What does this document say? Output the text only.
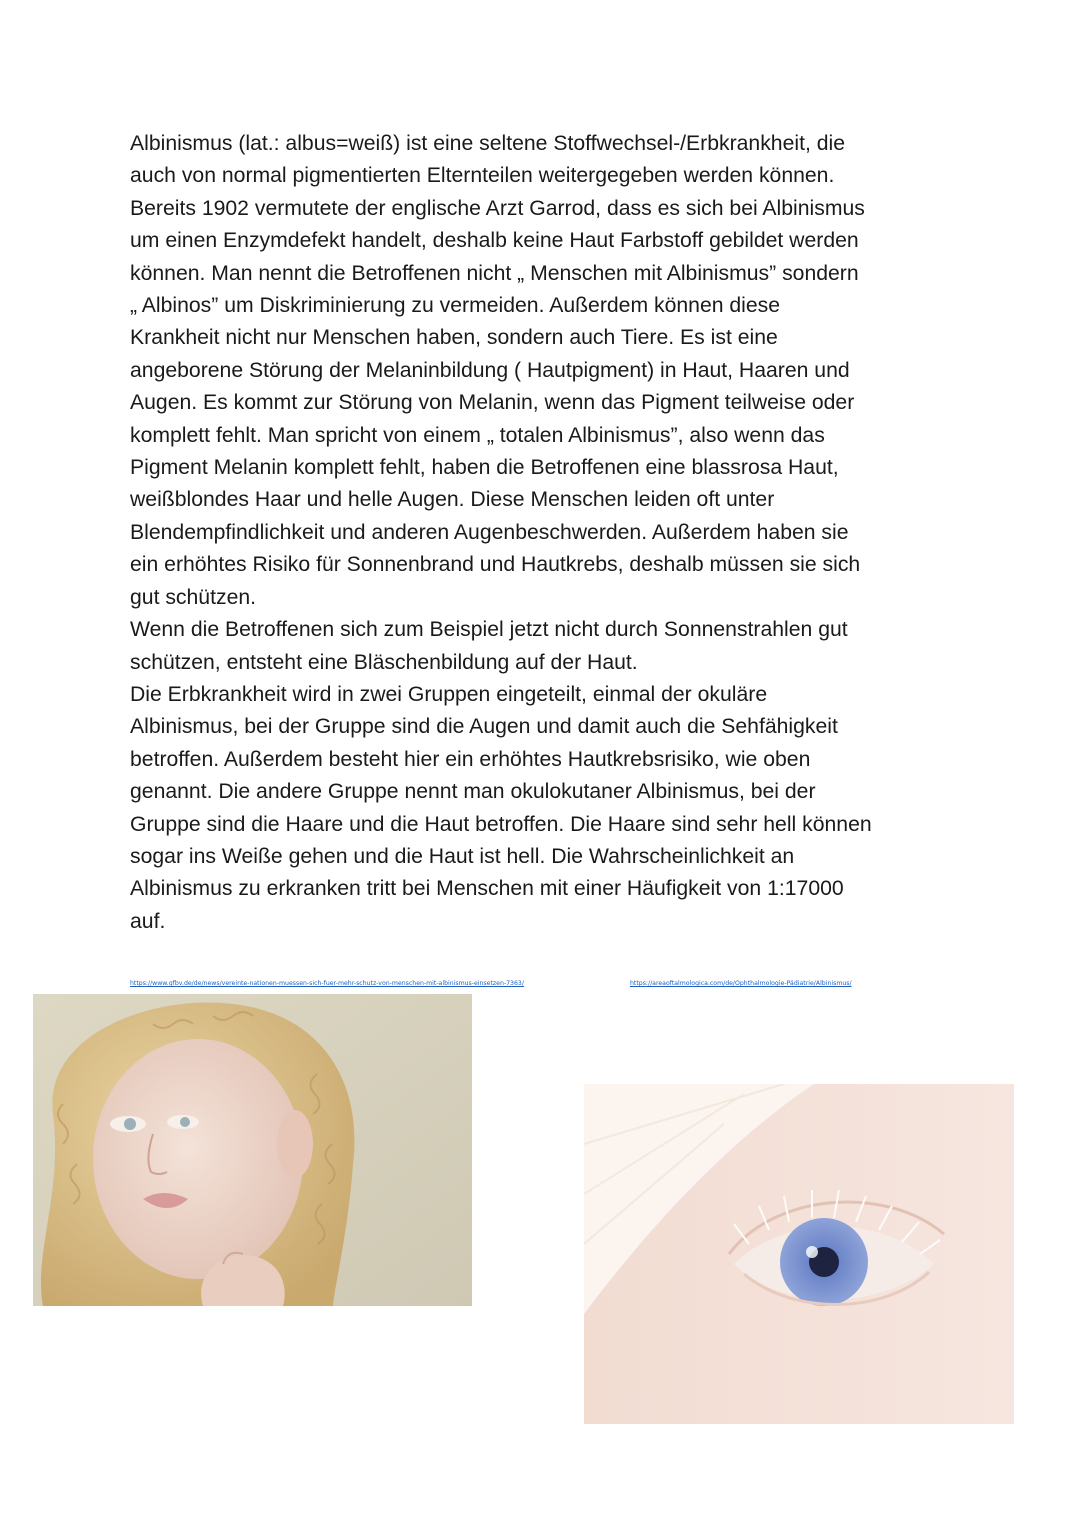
Albinismus (lat.: albus=weiß) ist eine seltene Stoffwechsel-/Erbkrankheit, die
auch von normal pigmentierten Elternteilen weitergegeben werden können.
Bereits 1902 vermutete der englische Arzt Garrod, dass es sich bei Albinismus
um einen Enzymdefekt handelt, deshalb keine Haut Farbstoff gebildet werden
können. Man nennt die Betroffenen nicht „ Menschen mit Albinismus” sondern
„ Albinos” um Diskriminierung zu vermeiden. Außerdem können diese
Krankheit nicht nur Menschen haben, sondern auch Tiere. Es ist eine
angeborene Störung der Melaninbildung ( Hautpigment) in Haut, Haaren und
Augen. Es kommt zur Störung von Melanin, wenn das Pigment teilweise oder
komplett fehlt. Man spricht von einem „ totalen Albinismus”, also wenn das
Pigment Melanin komplett fehlt, haben die Betroffenen eine blassrosa Haut,
weißblondes Haar und helle Augen. Diese Menschen leiden oft unter
Blendempfindlichkeit und anderen Augenbeschwerden. Außerdem haben sie
ein erhöhtes Risiko für Sonnenbrand und Hautkrebs, deshalb müssen sie sich
gut schützen.
Wenn die Betroffenen sich zum Beispiel jetzt nicht durch Sonnenstrahlen gut
schützen, entsteht eine Bläschenbildung auf der Haut.
Die Erbkrankheit wird in zwei Gruppen eingeteilt, einmal der okuläre
Albinismus, bei der Gruppe sind die Augen und damit auch die Sehfähigkeit
betroffen. Außerdem besteht hier ein erhöhtes Hautkrebsrisiko, wie oben
genannt. Die andere Gruppe nennt man okulokutaner Albinismus, bei der
Gruppe sind die Haare und die Haut betroffen. Die Haare sind sehr hell können
sogar ins Weiße gehen und die Haut ist hell. Die Wahrscheinlichkeit an
Albinismus zu erkranken tritt bei Menschen mit einer Häufigkeit von 1:17000
auf.

https://www.gfbv.de/de/news/vereinte-nationen-muessen-sich-fuer-mehr-schutz-von-menschen-mit-albinismus-einsetzen-7363/	https://areaoftalmologica.com/de/Ophthalmologie-Pädiatrie/Albinismus/
